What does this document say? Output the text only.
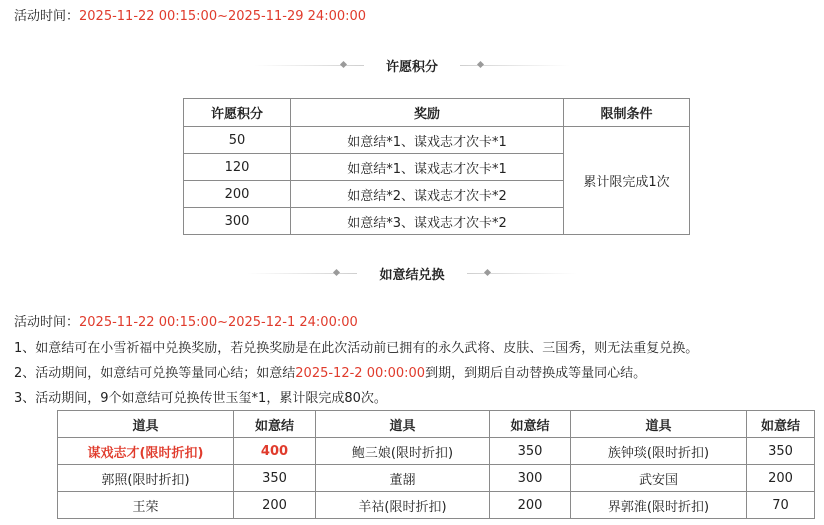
活动时间：2025-11-22 00:15:00~2025-11-29 24:00:00
许愿积分
许愿积分	奖励	限制条件
50	如意结*1、谋戏志才次卡*1	累计限完成1次
120	如意结*1、谋戏志才次卡*1	
200	如意结*2、谋戏志才次卡*2	
300	如意结*3、谋戏志才次卡*2	
如意结兑换
活动时间：2025-11-22 00:15:00~2025-12-1 24:00:00
1、如意结可在小雪祈福中兑换奖励，若兑换奖励是在此次活动前已拥有的永久武将、皮肤、三国秀，则无法重复兑换。
2、活动期间，如意结可兑换等量同心结；如意结2025-12-2 00:00:00到期，到期后自动替换成等量同心结。
3、活动期间，9个如意结可兑换传世玉玺*1，累计限完成80次。
道具	如意结	道具	如意结	道具	如意结
谋戏志才(限时折扣)	400	鲍三娘(限时折扣)	350	族钟琰(限时折扣)	350
郭照(限时折扣)	350	董翓	300	武安国	200
王荣	200	羊祜(限时折扣)	200	界郭淮(限时折扣)	70
